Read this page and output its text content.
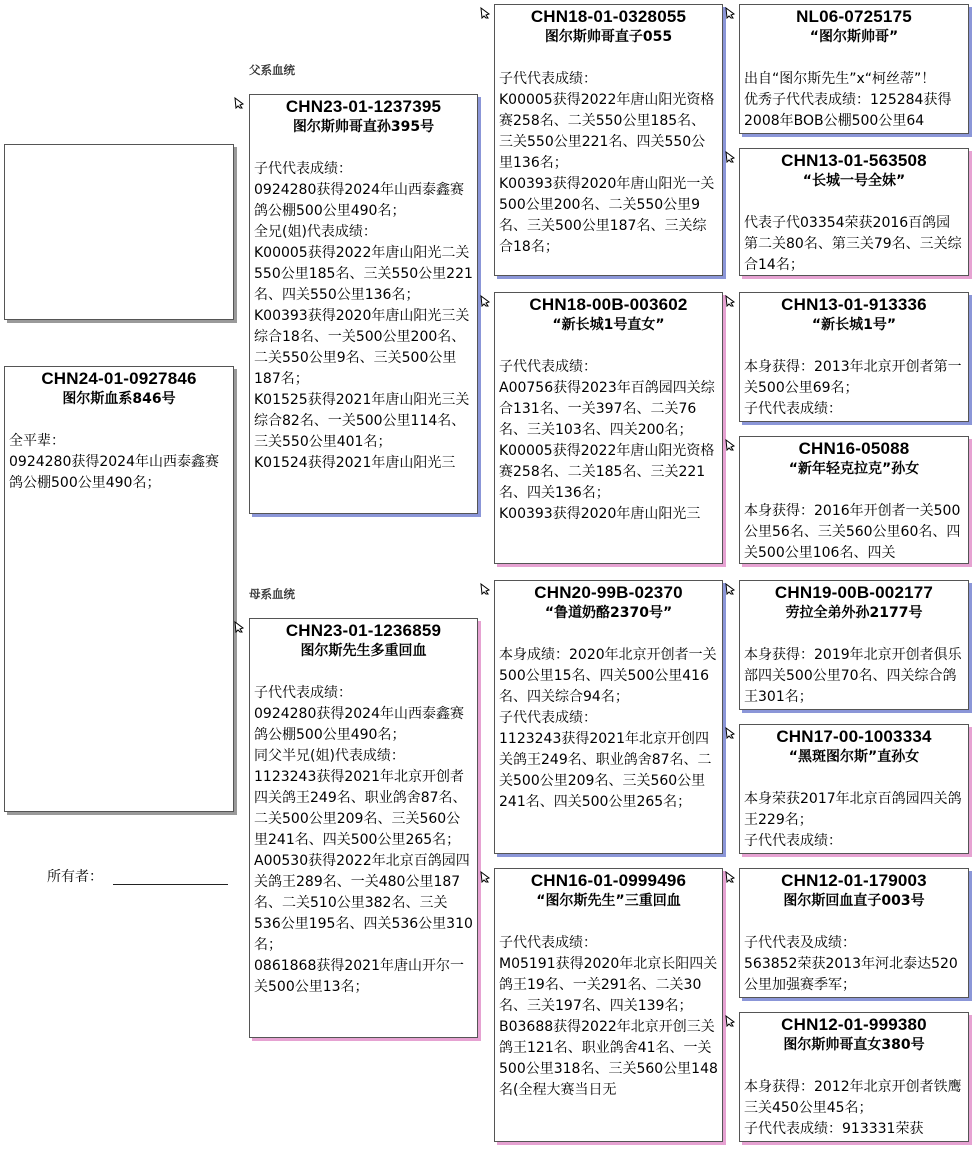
CHN24-01-0927846
图尔斯血系846号
全平辈：
0924280获得2024年山西泰鑫赛鸽公棚500公里490名；
所有者：
父系血统
母系血统
CHN23-01-1237395
图尔斯帅哥直孙395号
子代代表成绩：
0924280获得2024年山西泰鑫赛鸽公棚500公里490名；
全兄(姐)代表成绩：
K00005获得2022年唐山阳光二关550公里185名、三关550公里221名、四关550公里136名；
K00393获得2020年唐山阳光三关综合18名、一关500公里200名、二关550公里9名、三关500公里187名；
K01525获得2021年唐山阳光三关综合82名、一关500公里114名、三关550公里401名；
K01524获得2021年唐山阳光三
CHN23-01-1236859
图尔斯先生多重回血
子代代表成绩：
0924280获得2024年山西泰鑫赛鸽公棚500公里490名；
同父半兄(姐)代表成绩：
1123243获得2021年北京开创者四关鸽王249名、职业鸽舍87名、二关500公里209名、三关560公里241名、四关500公里265名；
A00530获得2022年北京百鸽园四关鸽王289名、一关480公里187名、二关510公里382名、三关536公里195名、四关536公里310名；
0861868获得2021年唐山开尔一关500公里13名；
CHN18-01-0328055
图尔斯帅哥直子055
子代代表成绩：
K00005获得2022年唐山阳光资格赛258名、二关550公里185名、三关550公里221名、四关550公里136名；
K00393获得2020年唐山阳光一关500公里200名、二关550公里9名、三关500公里187名、三关综合18名；
CHN18-00B-003602
“新长城1号直女”
子代代表成绩：
A00756获得2023年百鸽园四关综合131名、一关397名、二关76名、三关103名、四关200名；
K00005获得2022年唐山阳光资格赛258名、二关185名、三关221名、四关136名；
K00393获得2020年唐山阳光三
CHN20-99B-02370
“鲁道奶酪2370号”
本身成绩：2020年北京开创者一关500公里15名、四关500公里416名、四关综合94名；
子代代表成绩：
1123243获得2021年北京开创四关鸽王249名、职业鸽舍87名、二关500公里209名、三关560公里241名、四关500公里265名；
CHN16-01-0999496
“图尔斯先生”三重回血
子代代表成绩：
M05191获得2020年北京长阳四关鸽王19名、一关291名、二关30名、三关197名、四关139名；
B03688获得2022年北京开创三关鸽王121名、职业鸽舍41名、一关500公里318名、三关560公里148名(全程大赛当日无
NL06-0725175
“图尔斯帅哥”
出自“图尔斯先生”x“柯丝蒂”！
优秀子代代表成绩：125284获得2008年BOB公棚500公里64
CHN13-01-563508
“长城一号全妹”
代表子代03354荣获2016百鸽园第二关80名、第三关79名、三关综合14名；
CHN13-01-913336
“新长城1号”
本身获得：2013年北京开创者第一关500公里69名；
子代代表成绩：
CHN16-05088
“新年轻克拉克”孙女
本身获得：2016年开创者一关500公里56名、三关560公里60名、四关500公里106名、四关
CHN19-00B-002177
劳拉全弟外孙2177号
本身获得：2019年北京开创者俱乐部四关500公里70名、四关综合鸽王301名；
CHN17-00-1003334
“黑斑图尔斯”直孙女
本身荣获2017年北京百鸽园四关鸽王229名；
子代代表成绩：
CHN12-01-179003
图尔斯回血直子003号
子代代表及成绩：
563852荣获2013年河北泰达520公里加强赛季军；
CHN12-01-999380
图尔斯帅哥直女380号
本身获得：2012年北京开创者铁鹰三关450公里45名；
子代代表成绩：913331荣获
